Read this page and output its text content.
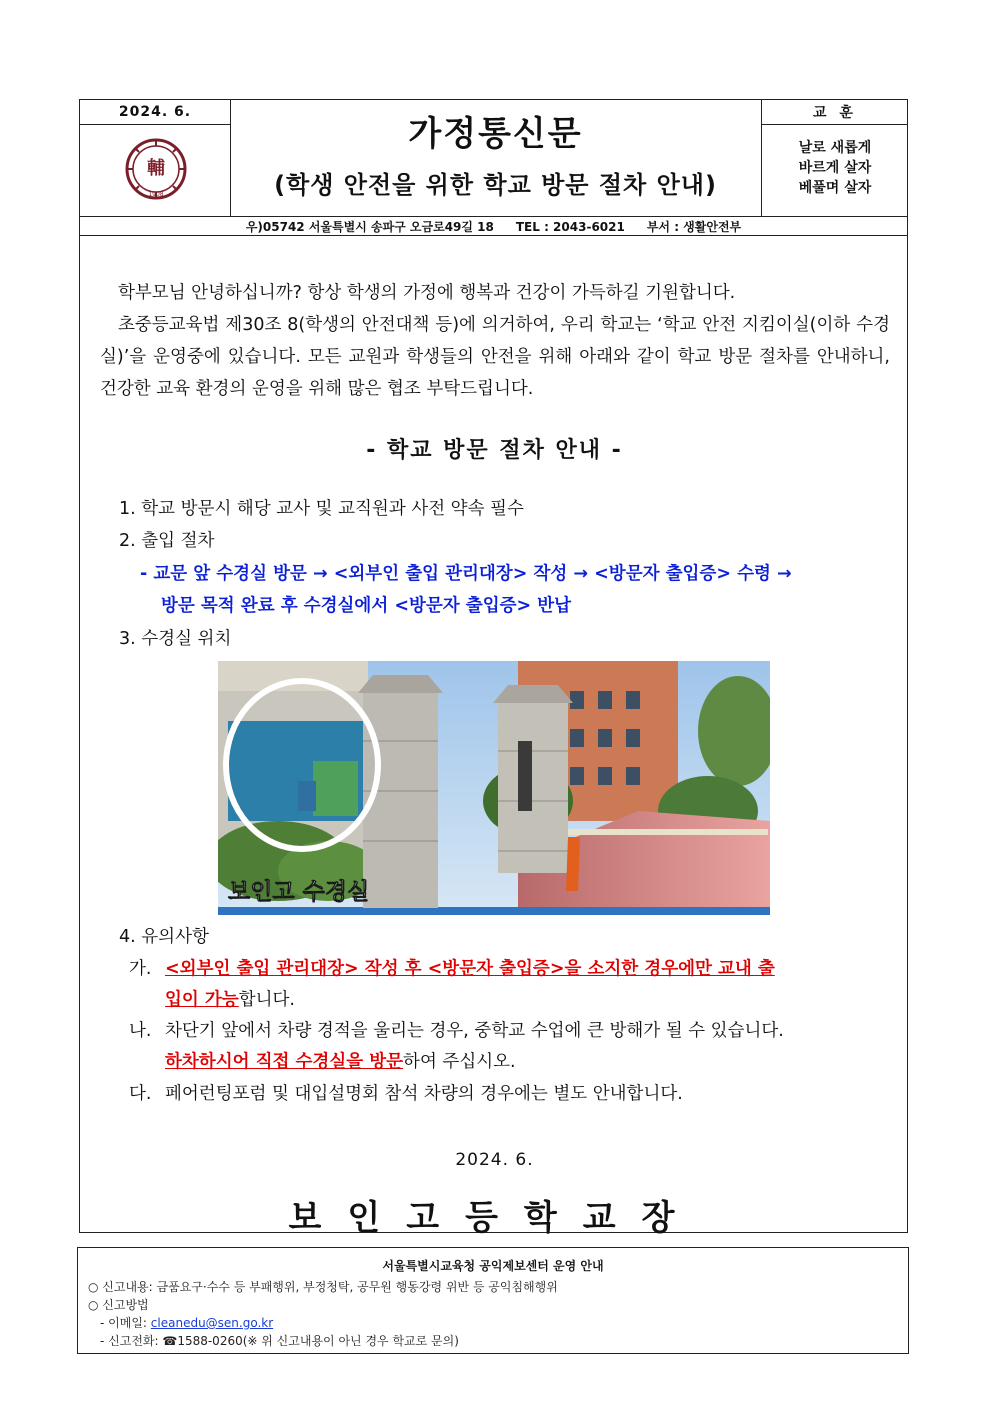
2024. 6.
輔
1908
가정통신문
(학생 안전을 위한 학교 방문 절차 안내)
교 훈
날로 새롭게
바르게 살자
베풀며 살자
우)05742 서울특별시 송파구 오금로49길 18 TEL : 2043-6021 부서 : 생활안전부
학부모님 안녕하십니까? 항상 학생의 가정에 행복과 건강이 가득하길 기원합니다.
초중등교육법 제30조 8(학생의 안전대책 등)에 의거하여, 우리 학교는 ‘학교 안전 지킴이실(이하 수경실)’을 운영중에 있습니다. 모든 교원과 학생들의 안전을 위해 아래와 같이 학교 방문 절차를 안내하니, 건강한 교육 환경의 운영을 위해 많은 협조 부탁드립니다.
- 학교 방문 절차 안내 -
1. 학교 방문시 해당 교사 및 교직원과 사전 약속 필수
2. 출입 절차
- 교문 앞 수경실 방문 → <외부인 출입 관리대장> 작성 → <방문자 출입증> 수령 →
방문 목적 완료 후 수경실에서 <방문자 출입증> 반납
3. 수경실 위치
보인고 수경실
4. 유의사항
가. <외부인 출입 관리대장> 작성 후 <방문자 출입증>을 소지한 경우에만 교내 출
입이 가능합니다.
나. 차단기 앞에서 차량 경적을 울리는 경우, 중학교 수업에 큰 방해가 될 수 있습니다.
하차하시어 직접 수경실을 방문하여 주십시오.
다. 페어런팅포럼 및 대입설명회 참석 차량의 경우에는 별도 안내합니다.
2024. 6.
보인고등학교장
서울특별시교육청 공익제보센터 운영 안내
○ 신고내용: 금품요구·수수 등 부패행위, 부정청탁, 공무원 행동강령 위반 등 공익침해행위
○ 신고방법
- 이메일: cleanedu@sen.go.kr
- 신고전화: ☎1588-0260(※ 위 신고내용이 아닌 경우 학교로 문의)
